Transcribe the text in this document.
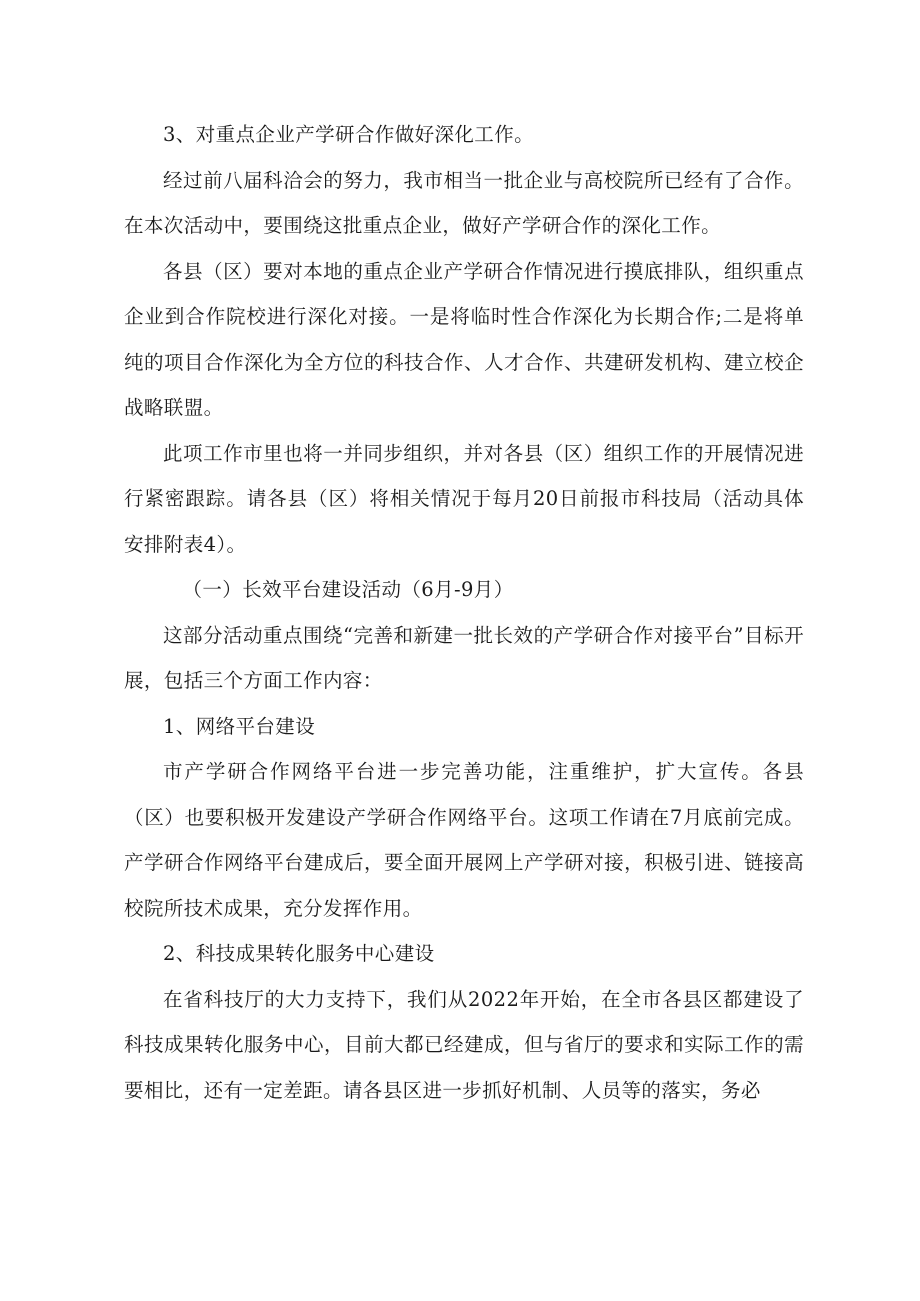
3、对重点企业产学研合作做好深化工作。

经过前八届科洽会的努力，我市相当一批企业与高校院所已经有了合作。在本次活动中，要围绕这批重点企业，做好产学研合作的深化工作。

各县（区）要对本地的重点企业产学研合作情况进行摸底排队，组织重点企业到合作院校进行深化对接。一是将临时性合作深化为长期合作;二是将单纯的项目合作深化为全方位的科技合作、人才合作、共建研发机构、建立校企战略联盟。

此项工作市里也将一并同步组织，并对各县（区）组织工作的开展情况进行紧密跟踪。请各县（区）将相关情况于每月20日前报市科技局（活动具体安排附表4）。

（一）长效平台建设活动（6月-9月）

这部分活动重点围绕“完善和新建一批长效的产学研合作对接平台”目标开展，包括三个方面工作内容：

1、网络平台建设

市产学研合作网络平台进一步完善功能，注重维护，扩大宣传。各县（区）也要积极开发建设产学研合作网络平台。这项工作请在7月底前完成。产学研合作网络平台建成后，要全面开展网上产学研对接，积极引进、链接高校院所技术成果，充分发挥作用。

2、科技成果转化服务中心建设

在省科技厅的大力支持下，我们从2022年开始，在全市各县区都建设了科技成果转化服务中心，目前大都已经建成，但与省厅的要求和实际工作的需要相比，还有一定差距。请各县区进一步抓好机制、人员等的落实，务必
